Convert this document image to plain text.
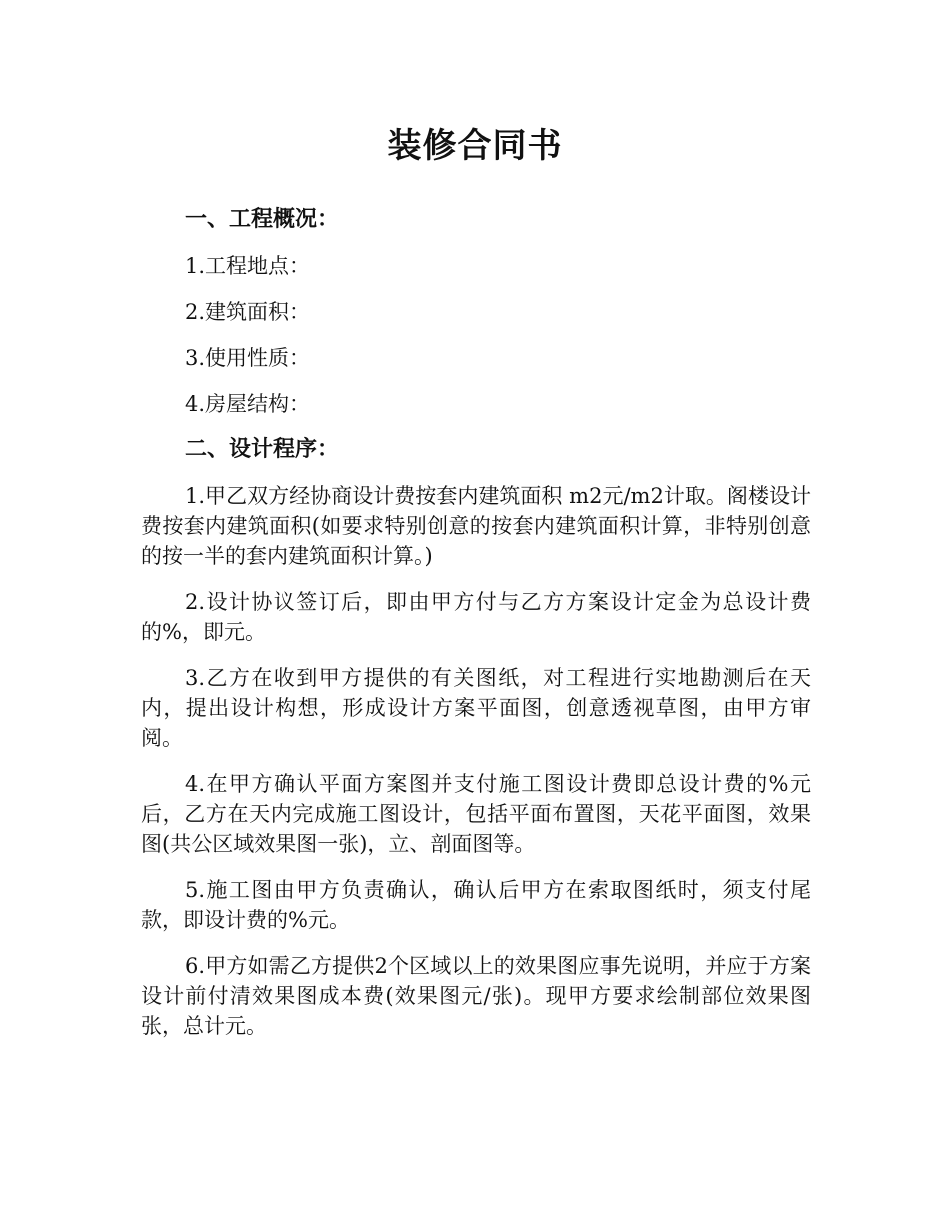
装修合同书

一、工程概况：

1.工程地点：

2.建筑面积：

3.使用性质：

4.房屋结构：

二、设计程序：

1.甲乙双方经协商设计费按套内建筑面积 m2元/m2计取。阁楼设计费按套内建筑面积(如要求特别创意的按套内建筑面积计算，非特别创意的按一半的套内建筑面积计算。)

2.设计协议签订后，即由甲方付与乙方方案设计定金为总设计费的%，即元。

3.乙方在收到甲方提供的有关图纸，对工程进行实地勘测后在天内，提出设计构想，形成设计方案平面图，创意透视草图，由甲方审阅。

4.在甲方确认平面方案图并支付施工图设计费即总设计费的%元后，乙方在天内完成施工图设计，包括平面布置图，天花平面图，效果图(共公区域效果图一张)，立、剖面图等。

5.施工图由甲方负责确认，确认后甲方在索取图纸时，须支付尾款，即设计费的%元。

6.甲方如需乙方提供2个区域以上的效果图应事先说明，并应于方案设计前付清效果图成本费(效果图元/张)。现甲方要求绘制部位效果图张，总计元。
